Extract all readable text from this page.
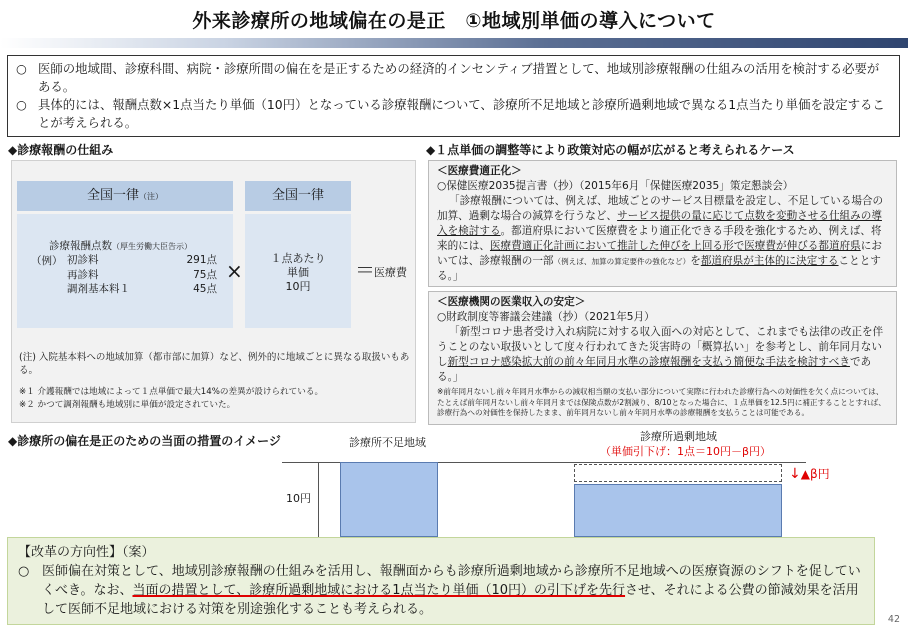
外来診療所の地域偏在の是正　①地域別単価の導入について
○ 医師の地域間、診療科間、病院・診療所間の偏在を是正するための経済的インセンティブ措置として、地域別診療報酬の仕組みの活用を検討する必要がある。
○ 具体的には、報酬点数×1点当たり単価（10円）となっている診療報酬について、診療所不足地域と診療所過剰地域で異なる1点当たり単価を設定することが考えられる。
◆診療報酬の仕組み
全国一律（注）
診療報酬点数（厚生労働大臣告示）
（例） 初診料	291点
再診料	75点
調剤基本料１	45点
×
全国一律
１点あたり
単価
10円
＝ 医療費
(注) 入院基本料への地域加算（都市部に加算）など、例外的に地域ごとに異なる取扱いもある。
※１ 介護報酬では地域によって１点単価で最大14%の差異が設けられている。
※２ かつて調剤報酬も地域別に単価が設定されていた。
◆１点単価の調整等により政策対応の幅が広がると考えられるケース
＜医療費適正化＞
○保健医療2035提言書（抄）（2015年6月「保健医療2035」策定懇談会）
「診療報酬については、例えば、地域ごとのサービス目標量を設定し、不足している場合の加算、過剰な場合の減算を行うなど、サービス提供の量に応じて点数を変動させる仕組みの導入を検討する。都道府県において医療費をより適正化できる手段を強化するため、例えば、将来的には、医療費適正化計画において推計した伸びを上回る形で医療費が伸びる都道府県においては、診療報酬の一部（例えば、加算の算定要件の強化など）を都道府県が主体的に決定することとする。」
＜医療機関の医業収入の安定＞
○財政制度等審議会建議（抄）（2021年5月）
「新型コロナ患者受け入れ病院に対する収入面への対応として、これまでも法律の改正を伴うことのない取扱いとして度々行われてきた災害時の「概算払い」を参考とし、前年同月ないし新型コロナ感染拡大前の前々年同月水準の診療報酬を支払う簡便な手法を検討すべきである。」
※前年同月ないし前々年同月水準からの減収相当額の支払い部分について実際に行われた診療行為への対価性を欠く点については、たとえば前年同月ないし前々年同月までは保険点数が2割減り、8/10となった場合に、１点単価を12.5円に補正することとすれば、診療行為への対価性を保持したまま、前年同月ないし前々年同月水準の診療報酬を支払うことは可能である。
◆診療所の偏在是正のための当面の措置のイメージ	診療所不足地域	診療所過剰地域
（単価引下げ：1点＝10円－β円）
10円
↓▲β円
【改革の方向性】（案）
○ 医師偏在対策として、地域別診療報酬の仕組みを活用し、報酬面からも診療所過剰地域から診療所不足地域への医療資源のシフトを促していくべき。なお、当面の措置として、診療所過剰地域における1点当たり単価（10円）の引下げを先行させ、それによる公費の節減効果を活用して医師不足地域における対策を別途強化することも考えられる。
42
